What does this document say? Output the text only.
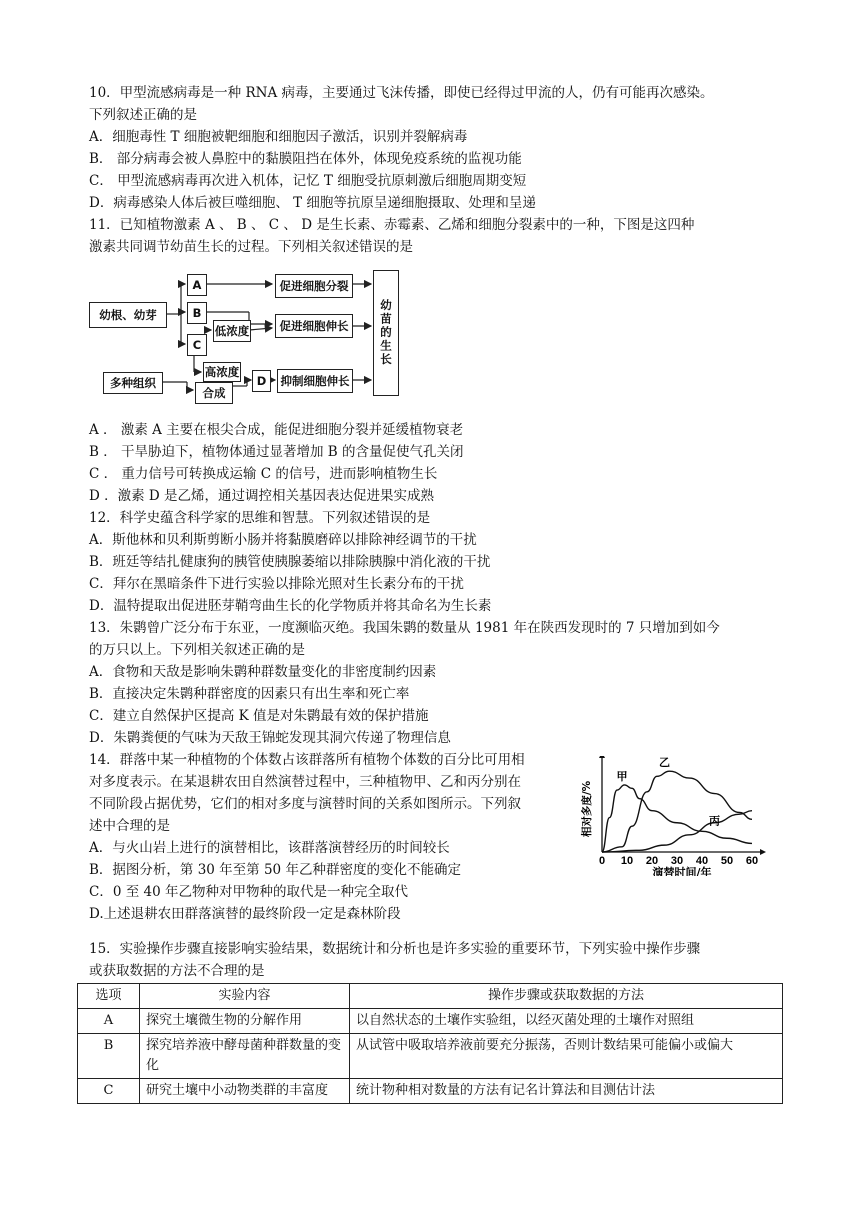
10．甲型流感病毒是一种 RNA 病毒，主要通过飞沫传播，即使已经得过甲流的人，仍有可能再次感染。
下列叙述正确的是
A．细胞毒性 T 细胞被靶细胞和细胞因子激活，识别并裂解病毒
B． 部分病毒会被人鼻腔中的黏膜阻挡在体外，体现免疫系统的监视功能
C． 甲型流感病毒再次进入机体，记忆 T 细胞受抗原刺激后细胞周期变短
D．病毒感染人体后被巨噬细胞、 T 细胞等抗原呈递细胞摄取、处理和呈递
11．已知植物激素 A 、 B 、 C 、 D 是生长素、赤霉素、乙烯和细胞分裂素中的一种，下图是这四种
激素共同调节幼苗生长的过程。下列相关叙述错误的是
幼根、幼芽
A
B
C
低浓度
高浓度
多种组织
合成
D
促进细胞分裂
促进细胞伸长
抑制细胞伸长
幼苗的生长
A ． 激素 A 主要在根尖合成，能促进细胞分裂并延缓植物衰老
B ． 干旱胁迫下，植物体通过显著增加 B 的含量促使气孔关闭
C ． 重力信号可转换成运输 C 的信号，进而影响植物生长
D ．激素 D 是乙烯，通过调控相关基因表达促进果实成熟
12．科学史蕴含科学家的思维和智慧。下列叙述错误的是
A．斯他林和贝利斯剪断小肠并将黏膜磨碎以排除神经调节的干扰
B．班廷等结扎健康狗的胰管使胰腺萎缩以排除胰腺中消化液的干扰
C．拜尔在黑暗条件下进行实验以排除光照对生长素分布的干扰
D．温特提取出促进胚芽鞘弯曲生长的化学物质并将其命名为生长素
13．朱鹮曾广泛分布于东亚，一度濒临灭绝。我国朱鹮的数量从 1981 年在陕西发现时的 7 只增加到如今
的万只以上。下列相关叙述正确的是
A．食物和天敌是影响朱鹮种群数量变化的非密度制约因素
B．直接决定朱鹮种群密度的因素只有出生率和死亡率
C．建立自然保护区提高 K 值是对朱鹮最有效的保护措施
D．朱鹮粪便的气味为天敌王锦蛇发现其洞穴传递了物理信息
14．群落中某一种植物的个体数占该群落所有植物个体数的百分比可用相
对多度表示。在某退耕农田自然演替过程中，三种植物甲、乙和丙分别在
不同阶段占据优势，它们的相对多度与演替时间的关系如图所示。下列叙
述中合理的是
A．与火山岩上进行的演替相比，该群落演替经历的时间较长
B．据图分析，第 30 年至第 50 年乙种群密度的变化不能确定
C．0 至 40 年乙物种对甲物种的取代是一种完全取代
D.上述退耕农田群落演替的最终阶段一定是森林阶段
0 10 20 30 40 50 60
演替时间/年
相对多度/%
甲
乙
丙
15．实验操作步骤直接影响实验结果，数据统计和分析也是许多实验的重要环节，下列实验中操作步骤
或获取数据的方法不合理的是
选项	实验内容	操作步骤或获取数据的方法
A	探究土壤微生物的分解作用	以自然状态的土壤作实验组，以经灭菌处理的土壤作对照组
B	探究培养液中酵母菌种群数量的变化	从试管中吸取培养液前要充分振荡，否则计数结果可能偏小或偏大
C	研究土壤中小动物类群的丰富度	统计物种相对数量的方法有记名计算法和目测估计法
